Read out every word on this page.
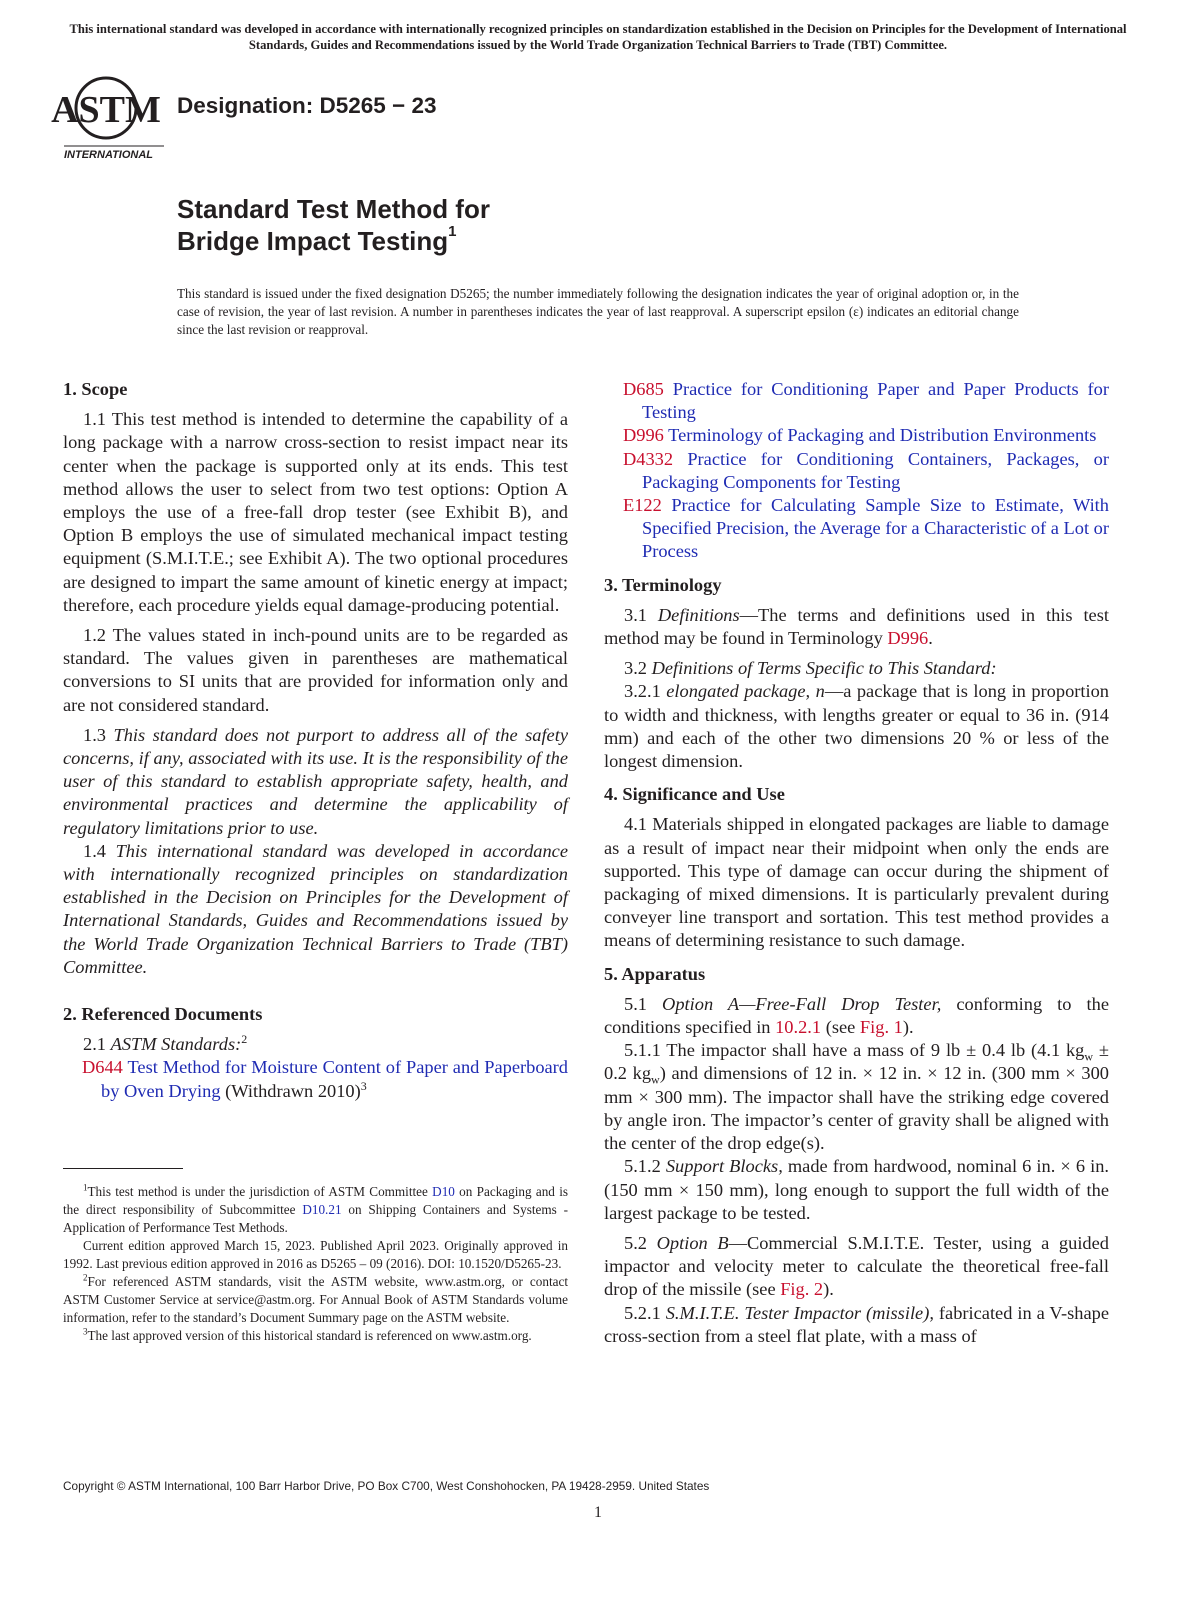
This international standard was developed in accordance with internationally recognized principles on standardization established in the Decision on Principles for the Development of International Standards, Guides and Recommendations issued by the World Trade Organization Technical Barriers to Trade (TBT) Committee.
ASTM
INTERNATIONAL
Designation: D5265 − 23
Standard Test Method for
Bridge Impact Testing$^1$
This standard is issued under the fixed designation D5265; the number immediately following the designation indicates the year of original adoption or, in the case of revision, the year of last revision. A number in parentheses indicates the year of last reapproval. A superscript epsilon (ε) indicates an editorial change since the last revision or reapproval.

1. Scope

1.1 This test method is intended to determine the capability of a long package with a narrow cross-section to resist impact near its center when the package is supported only at its ends. This test method allows the user to select from two test options: Option A employs the use of a free-fall drop tester (see Exhibit B), and Option B employs the use of simulated mechanical impact testing equipment (S.M.I.T.E.; see Exhibit A). The two optional procedures are designed to impart the same amount of kinetic energy at impact; therefore, each procedure yields equal damage-producing potential.

1.2 The values stated in inch-pound units are to be regarded as standard. The values given in parentheses are mathematical conversions to SI units that are provided for information only and are not considered standard.

1.3 This standard does not purport to address all of the safety concerns, if any, associated with its use. It is the responsibility of the user of this standard to establish appropriate safety, health, and environmental practices and determine the applicability of regulatory limitations prior to use.

1.4 This international standard was developed in accordance with internationally recognized principles on standardization established in the Decision on Principles for the Development of International Standards, Guides and Recommendations issued by the World Trade Organization Technical Barriers to Trade (TBT) Committee.

2. Referenced Documents

2.1 ASTM Standards:$^2$

D644 Test Method for Moisture Content of Paper and Paperboard by Oven Drying (Withdrawn 2010)$^3$

$^1$This test method is under the jurisdiction of ASTM Committee D10 on Packaging and is the direct responsibility of Subcommittee D10.21 on Shipping Containers and Systems - Application of Performance Test Methods.

Current edition approved March 15, 2023. Published April 2023. Originally approved in 1992. Last previous edition approved in 2016 as D5265 – 09 (2016). DOI: 10.1520/D5265-23.

$^2$For referenced ASTM standards, visit the ASTM website, www.astm.org, or contact ASTM Customer Service at service@astm.org. For Annual Book of ASTM Standards volume information, refer to the standard’s Document Summary page on the ASTM website.

$^3$The last approved version of this historical standard is referenced on www.astm.org.

D685 Practice for Conditioning Paper and Paper Products for Testing

D996 Terminology of Packaging and Distribution Environments

D4332 Practice for Conditioning Containers, Packages, or Packaging Components for Testing

E122 Practice for Calculating Sample Size to Estimate, With Specified Precision, the Average for a Characteristic of a Lot or Process

3. Terminology

3.1 Definitions—The terms and definitions used in this test method may be found in Terminology D996.

3.2 Definitions of Terms Specific to This Standard:

3.2.1 elongated package, n—a package that is long in proportion to width and thickness, with lengths greater or equal to 36 in. (914 mm) and each of the other two dimensions 20 % or less of the longest dimension.

4. Significance and Use

4.1 Materials shipped in elongated packages are liable to damage as a result of impact near their midpoint when only the ends are supported. This type of damage can occur during the shipment of packaging of mixed dimensions. It is particularly prevalent during conveyer line transport and sortation. This test method provides a means of determining resistance to such damage.

5. Apparatus

5.1 Option A—Free-Fall Drop Tester, conforming to the conditions specified in 10.2.1 (see Fig. 1).

5.1.1 The impactor shall have a mass of 9 lb ± 0.4 lb (4.1 $kg_w \pm 0.2$ $kg_w$) and dimensions of 12 in. × 12 in. × 12 in. (300 mm × 300 mm × 300 mm). The impactor shall have the striking edge covered by angle iron. The impactor’s center of gravity shall be aligned with the center of the drop edge(s).

5.1.2 Support Blocks, made from hardwood, nominal 6 in. × 6 in. (150 mm × 150 mm), long enough to support the full width of the largest package to be tested.

5.2 Option B—Commercial S.M.I.T.E. Tester, using a guided impactor and velocity meter to calculate the theoretical free-fall drop of the missile (see Fig. 2).

5.2.1 S.M.I.T.E. Tester Impactor (missile), fabricated in a V-shape cross-section from a steel flat plate, with a mass of

Copyright © ASTM International, 100 Barr Harbor Drive, PO Box C700, West Conshohocken, PA 19428-2959. United States
1
